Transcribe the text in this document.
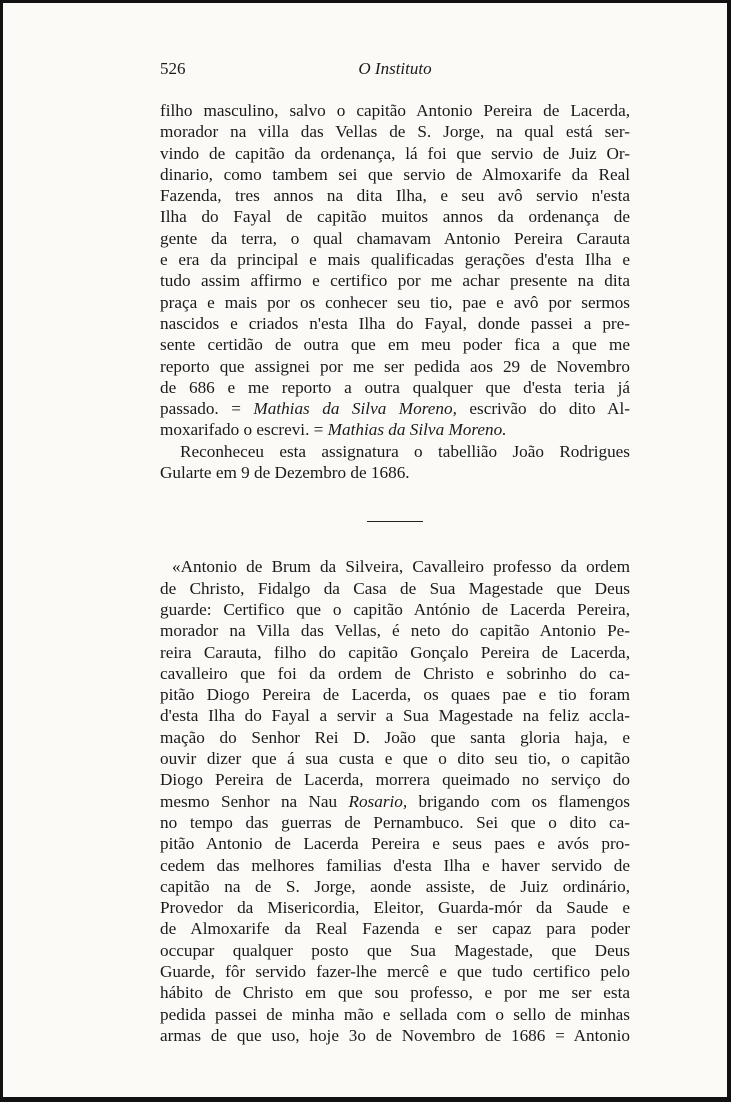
526	O Instituto
filho masculino, salvo o capitão Antonio Pereira de Lacerda,
morador na villa das Vellas de S. Jorge, na qual está ser-
vindo de capitão da ordenança, lá foi que servio de Juiz Or-
dinario, como tambem sei que servio de Almoxarife da Real
Fazenda, tres annos na dita Ilha, e seu avô servio n'esta
Ilha do Fayal de capitão muitos annos da ordenança de
gente da terra, o qual chamavam Antonio Pereira Carauta
e era da principal e mais qualificadas gerações d'esta Ilha e
tudo assim affirmo e certifico por me achar presente na dita
praça e mais por os conhecer seu tio, pae e avô por sermos
nascidos e criados n'esta Ilha do Fayal, donde passei a pre-
sente certidão de outra que em meu poder fica a que me
reporto que assignei por me ser pedida aos 29 de Novembro
de 686 e me reporto a outra qualquer que d'esta teria já
passado. = Mathias da Silva Moreno, escrivão do dito Al-
moxarifado o escrevi. = Mathias da Silva Moreno.
Reconheceu esta assignatura o tabellião João Rodrigues
Gularte em 9 de Dezembro de 1686.
«Antonio de Brum da Silveira, Cavalleiro professo da ordem
de Christo, Fidalgo da Casa de Sua Magestade que Deus
guarde: Certifico que o capitão António de Lacerda Pereira,
morador na Villa das Vellas, é neto do capitão Antonio Pe-
reira Carauta, filho do capitão Gonçalo Pereira de Lacerda,
cavalleiro que foi da ordem de Christo e sobrinho do ca-
pitão Diogo Pereira de Lacerda, os quaes pae e tio foram
d'esta Ilha do Fayal a servir a Sua Magestade na feliz accla-
mação do Senhor Rei D. João que santa gloria haja, e
ouvir dizer que á sua custa e que o dito seu tio, o capitão
Diogo Pereira de Lacerda, morrera queimado no serviço do
mesmo Senhor na Nau Rosario, brigando com os flamengos
no tempo das guerras de Pernambuco. Sei que o dito ca-
pitão Antonio de Lacerda Pereira e seus paes e avós pro-
cedem das melhores familias d'esta Ilha e haver servido de
capitão na de S. Jorge, aonde assiste, de Juiz ordinário,
Provedor da Misericordia, Eleitor, Guarda-mór da Saude e
de Almoxarife da Real Fazenda e ser capaz para poder
occupar qualquer posto que Sua Magestade, que Deus
Guarde, fôr servido fazer-lhe mercê e que tudo certifico pelo
hábito de Christo em que sou professo, e por me ser esta
pedida passei de minha mão e sellada com o sello de minhas
armas de que uso, hoje 3o de Novembro de 1686 = Antonio
